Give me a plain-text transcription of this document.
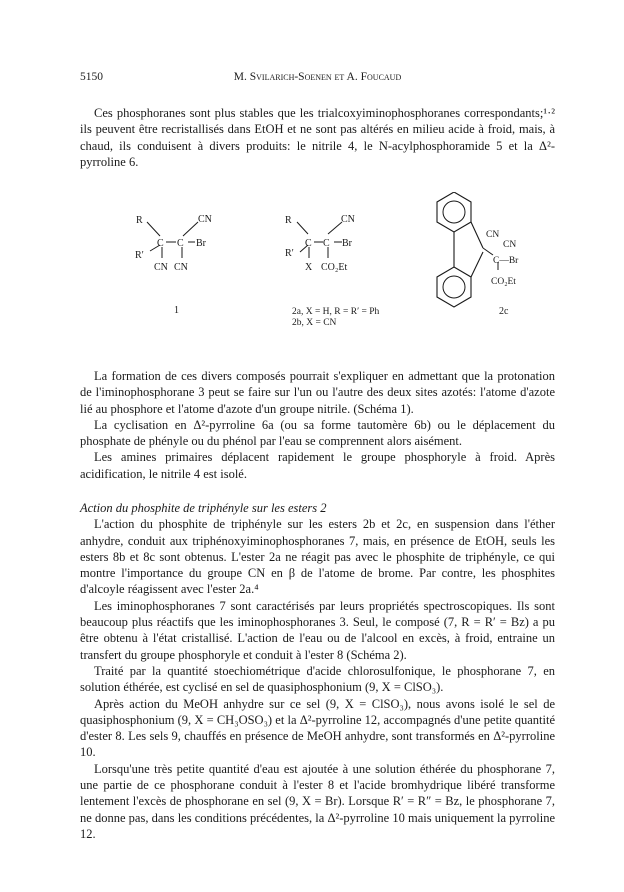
5150	M. Svilarich-Soenen et A. Foucaud

Ces phosphoranes sont plus stables que les trialcoxyiminophosphoranes correspondants;¹·² ils peuvent être recristallisés dans EtOH et ne sont pas altérés en milieu acide à froid, mais, à chaud, ils conduisent à divers produits: le nitrile 4, le N-acylphosphoramide 5 et la Δ²-pyrroline 6.

R	CN
C C Br
R′
CN CN
1
R	CN
C C Br
R′
X CO₂Et
2a, X = H, R = R′ = Ph
2b, X = CN
CN
CN
C—Br
CO₂Et
2c

La formation de ces divers composés pourrait s'expliquer en admettant que la protonation de l'iminophosphorane 3 peut se faire sur l'un ou l'autre des deux sites azotés: l'atome d'azote lié au phosphore et l'atome d'azote d'un groupe nitrile. (Schéma 1).

La cyclisation en Δ²-pyrroline 6a (ou sa forme tautomère 6b) ou le déplacement du phosphate de phényle ou du phénol par l'eau se comprennent alors aisément.

Les amines primaires déplacent rapidement le groupe phosphoryle à froid. Après acidification, le nitrile 4 est isolé.

Action du phosphite de triphényle sur les esters 2

L'action du phosphite de triphényle sur les esters 2b et 2c, en suspension dans l'éther anhydre, conduit aux triphénoxyiminophosphoranes 7, mais, en présence de EtOH, seuls les esters 8b et 8c sont obtenus. L'ester 2a ne réagit pas avec le phosphite de triphényle, ce qui montre l'importance du groupe CN en β de l'atome de brome. Par contre, les phosphites d'alcoyle réagissent avec l'ester 2a.⁴

Les iminophosphoranes 7 sont caractérisés par leurs propriétés spectroscopiques. Ils sont beaucoup plus réactifs que les iminophosphoranes 3. Seul, le composé (7, R = R′ = Bz) a pu être obtenu à l'état cristallisé. L'action de l'eau ou de l'alcool en excès, à froid, entraine un transfert du groupe phosphoryle et conduit à l'ester 8 (Schéma 2).

Traité par la quantité stoechiométrique d'acide chlorosulfonique, le phosphorane 7, en solution éthérée, est cyclisé en sel de quasiphosphonium (9, X = ClSO₃).

Après action du MeOH anhydre sur ce sel (9, X = ClSO₃), nous avons isolé le sel de quasiphosphonium (9, X = CH₃OSO₃) et la Δ²-pyrroline 12, accompagnés d'une petite quantité d'ester 8. Les sels 9, chauffés en présence de MeOH anhydre, sont transformés en Δ²-pyrroline 10.

Lorsqu'une très petite quantité d'eau est ajoutée à une solution éthérée du phosphorane 7, une partie de ce phosphorane conduit à l'ester 8 et l'acide bromhydrique libéré transforme lentement l'excès de phosphorane en sel (9, X = Br). Lorsque R′ = R″ = Bz, le phosphorane 7, ne donne pas, dans les conditions précédentes, la Δ²-pyrroline 10 mais uniquement la pyrroline 12.
